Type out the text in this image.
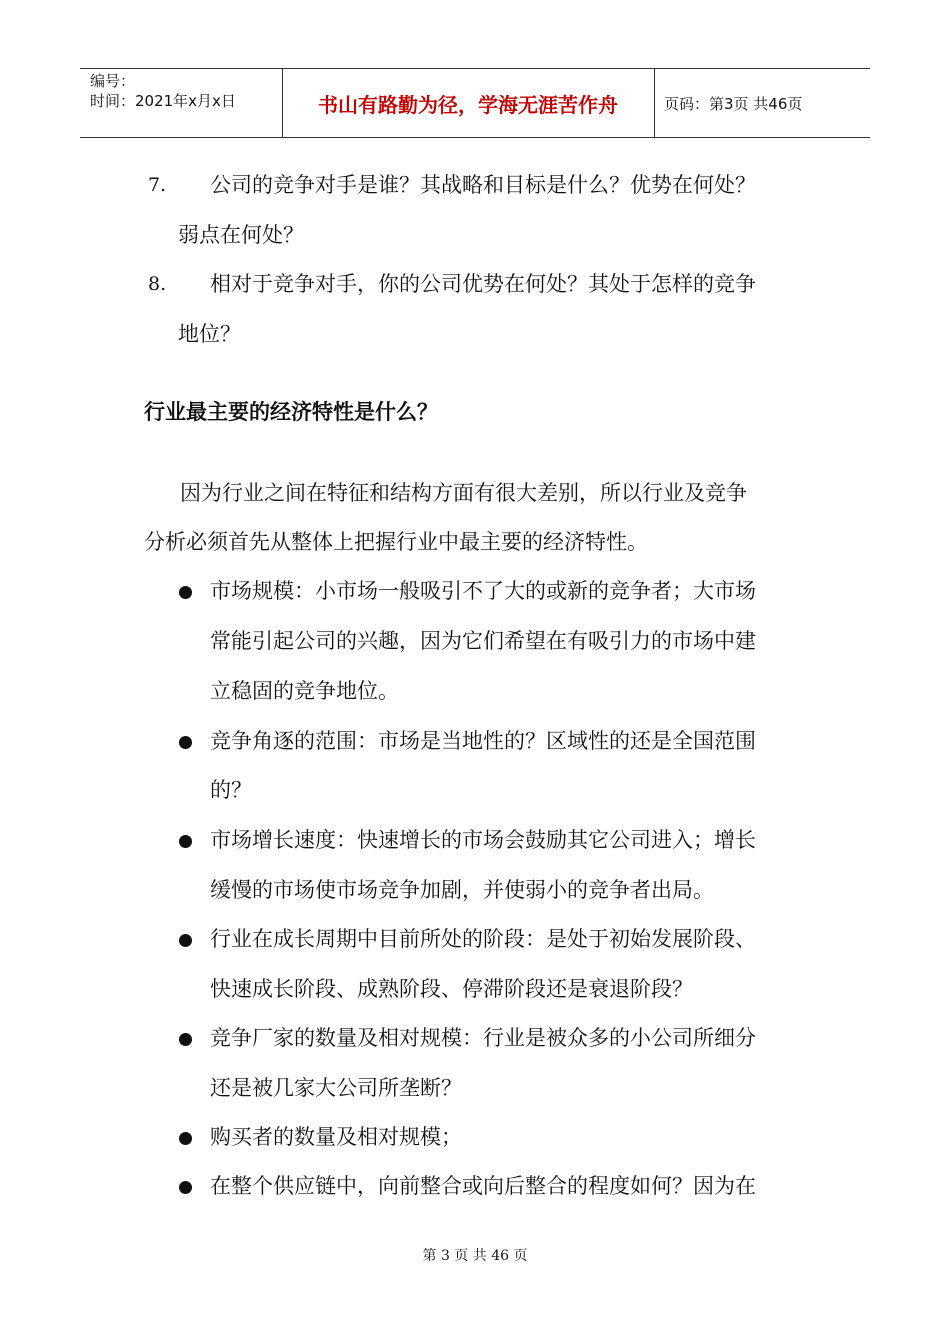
编号：
时间：2021年x月x日	书山有路勤为径，学海无涯苦作舟	页码：第3页 共46页
7. 公司的竞争对手是谁？其战略和目标是什么？优势在何处？
弱点在何处？
8. 相对于竞争对手，你的公司优势在何处？其处于怎样的竞争
地位？
行业最主要的经济特性是什么？
因为行业之间在特征和结构方面有很大差别，所以行业及竞争
分析必须首先从整体上把握行业中最主要的经济特性。
市场规模：小市场一般吸引不了大的或新的竞争者；大市场
常能引起公司的兴趣，因为它们希望在有吸引力的市场中建
立稳固的竞争地位。
竞争角逐的范围：市场是当地性的？区域性的还是全国范围
的？
市场增长速度：快速增长的市场会鼓励其它公司进入；增长
缓慢的市场使市场竞争加剧，并使弱小的竞争者出局。
行业在成长周期中目前所处的阶段：是处于初始发展阶段、
快速成长阶段、成熟阶段、停滞阶段还是衰退阶段？
竞争厂家的数量及相对规模：行业是被众多的小公司所细分
还是被几家大公司所垄断？
购买者的数量及相对规模；
在整个供应链中，向前整合或向后整合的程度如何？因为在
第 3 页 共 46 页
